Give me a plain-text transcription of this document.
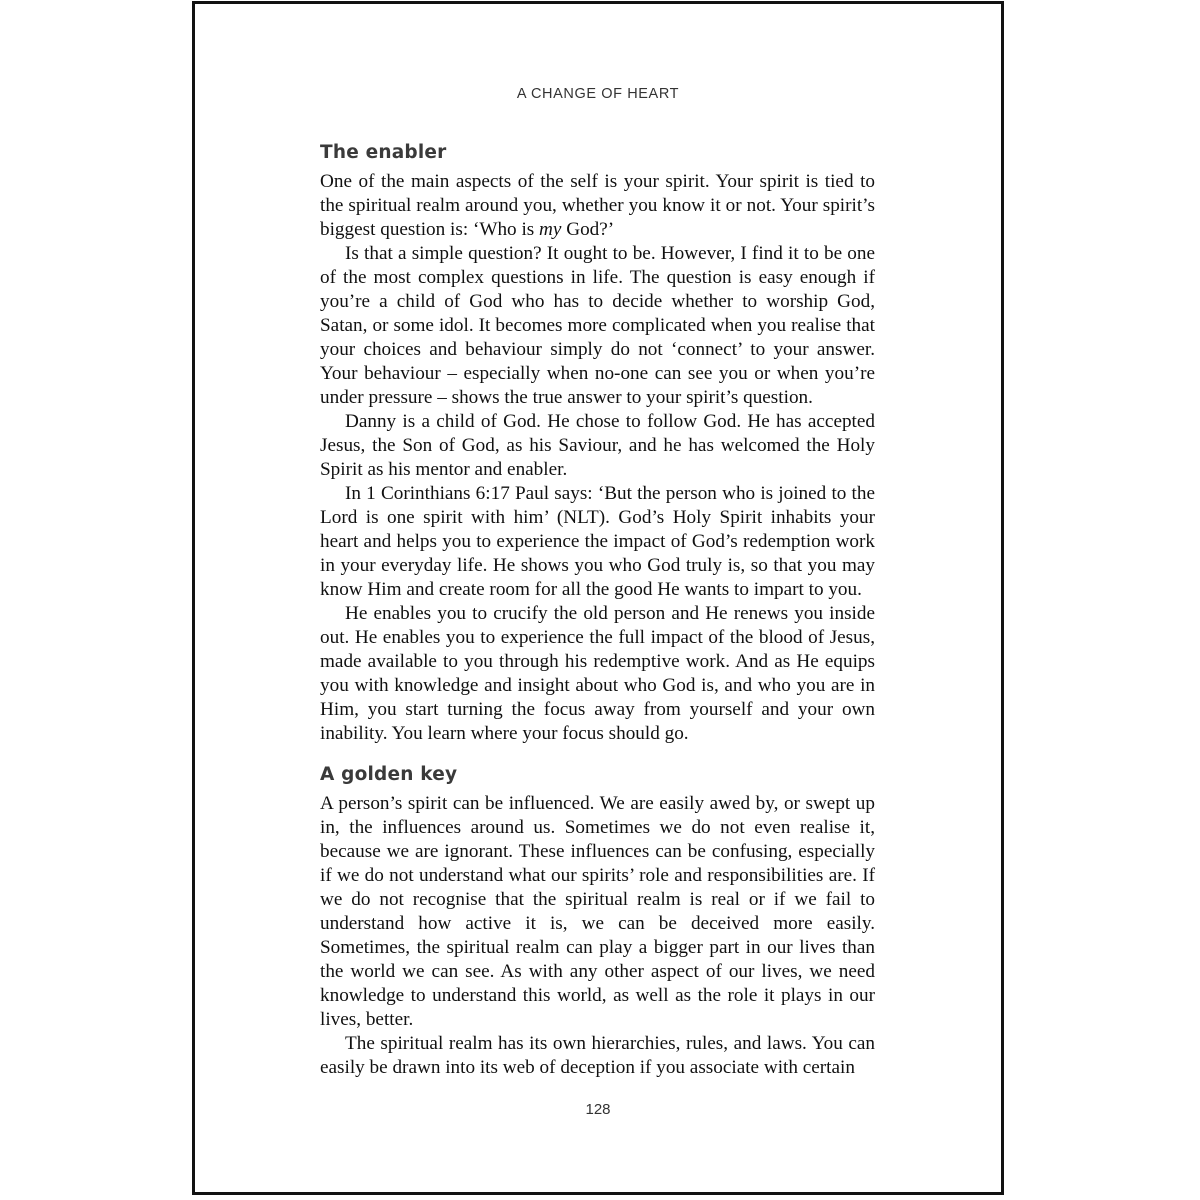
A CHANGE OF HEART
The enabler

One of the main aspects of the self is your spirit. Your spirit is tied to the spiritual realm around you, whether you know it or not. Your spirit’s biggest question is: ‘Who is my God?’

Is that a simple question? It ought to be. However, I find it to be one of the most complex questions in life. The question is easy enough if you’re a child of God who has to decide whether to worship God, Satan, or some idol. It becomes more complicated when you realise that your choices and behaviour simply do not ‘connect’ to your answer. Your behaviour – especially when no-one can see you or when you’re under pressure – shows the true answer to your spirit’s question.

Danny is a child of God. He chose to follow God. He has accepted Jesus, the Son of God, as his Saviour, and he has welcomed the Holy Spirit as his mentor and enabler.

In 1 Corinthians 6:17 Paul says: ‘But the person who is joined to the Lord is one spirit with him’ (NLT). God’s Holy Spirit inhabits your heart and helps you to experience the impact of God’s redemption work in your everyday life. He shows you who God truly is, so that you may know Him and create room for all the good He wants to impart to you.

He enables you to crucify the old person and He renews you inside out. He enables you to experience the full impact of the blood of Jesus, made available to you through his redemptive work. And as He equips you with knowledge and insight about who God is, and who you are in Him, you start turning the focus away from yourself and your own inability. You learn where your focus should go.

A golden key

A person’s spirit can be influenced. We are easily awed by, or swept up in, the influences around us. Sometimes we do not even realise it, because we are ignorant. These influences can be confusing, especially if we do not understand what our spirits’ role and responsibilities are. If we do not recognise that the spiritual realm is real or if we fail to understand how active it is, we can be deceived more easily. Sometimes, the spiritual realm can play a bigger part in our lives than the world we can see. As with any other aspect of our lives, we need knowledge to understand this world, as well as the role it plays in our lives, better.

The spiritual realm has its own hierarchies, rules, and laws. You can easily be drawn into its web of deception if you associate with certain

128
